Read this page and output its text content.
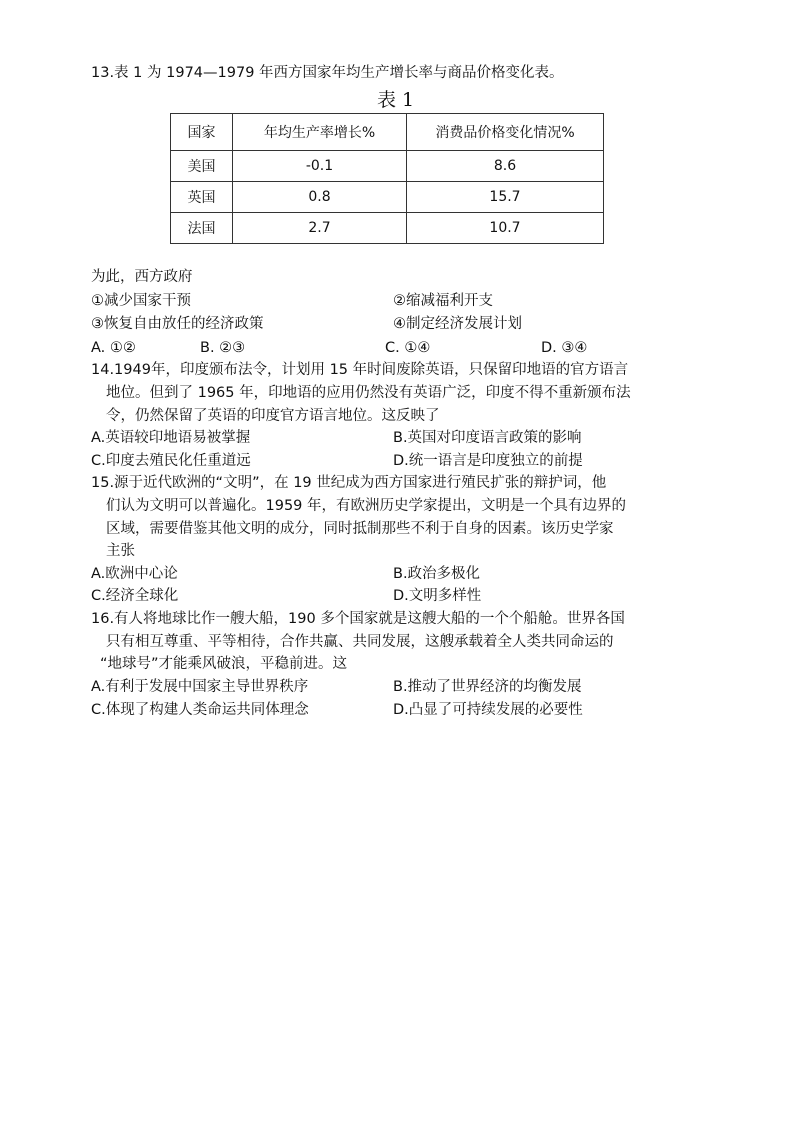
13.表 1 为 1974—1979 年西方国家年均生产增长率与商品价格变化表。
表 1
国家	年均生产率增长%	消费品价格变化情况%
美国	-0.1	8.6
英国	0.8	15.7
法国	2.7	10.7
为此，西方政府
①减少国家干预	②缩减福利开支
③恢复自由放任的经济政策	④制定经济发展计划
A. ①②	B. ②③	C. ①④	D. ③④
14.1949年，印度颁布法令，计划用 15 年时间废除英语，只保留印地语的官方语言
地位。但到了 1965 年，印地语的应用仍然没有英语广泛，印度不得不重新颁布法
令，仍然保留了英语的印度官方语言地位。这反映了
A.英语较印地语易被掌握	B.英国对印度语言政策的影响
C.印度去殖民化任重道远	D.统一语言是印度独立的前提
15.源于近代欧洲的“文明”，在 19 世纪成为西方国家进行殖民扩张的辩护词，他
们认为文明可以普遍化。1959 年，有欧洲历史学家提出，文明是一个具有边界的
区域，需要借鉴其他文明的成分，同时抵制那些不利于自身的因素。该历史学家
主张
A.欧洲中心论	B.政治多极化
C.经济全球化	D.文明多样性
16.有人将地球比作一艘大船，190 多个国家就是这艘大船的一个个船舱。世界各国
只有相互尊重、平等相待，合作共赢、共同发展，这艘承载着全人类共同命运的
“地球号”才能乘风破浪，平稳前进。这
A.有利于发展中国家主导世界秩序	B.推动了世界经济的均衡发展
C.体现了构建人类命运共同体理念	D.凸显了可持续发展的必要性
